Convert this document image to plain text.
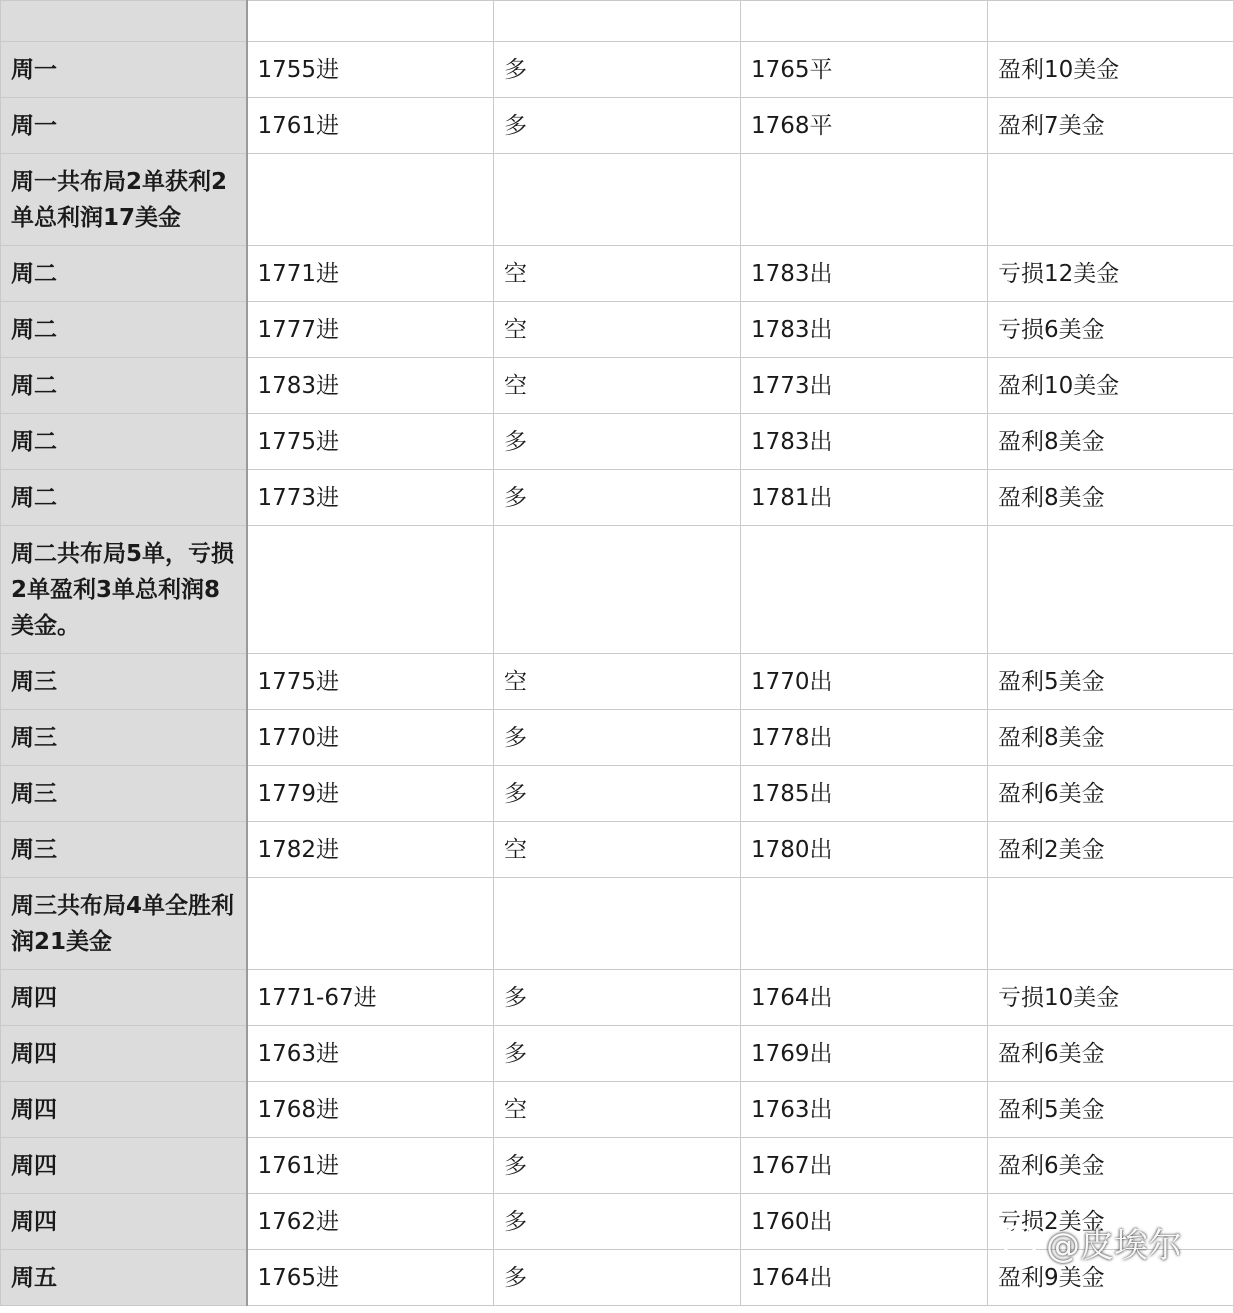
周一	1755进	多	1765平	盈利10美金
周一	1761进	多	1768平	盈利7美金
周一共布局2单获利2单总利润17美金				
周二	1771进	空	1783出	亏损12美金
周二	1777进	空	1783出	亏损6美金
周二	1783进	空	1773出	盈利10美金
周二	1775进	多	1783出	盈利8美金
周二	1773进	多	1781出	盈利8美金
周二共布局5单，亏损2单盈利3单总利润8美金。				
周三	1775进	空	1770出	盈利5美金
周三	1770进	多	1778出	盈利8美金
周三	1779进	多	1785出	盈利6美金
周三	1782进	空	1780出	盈利2美金
周三共布局4单全胜利润21美金				
周四	1771-67进	多	1764出	亏损10美金
周四	1763进	多	1769出	盈利6美金
周四	1768进	空	1763出	盈利5美金
周四	1761进	多	1767出	盈利6美金
周四	1762进	多	1760出	亏损2美金
周五	1765进	多	1764出	盈利9美金
@皮埃尔
